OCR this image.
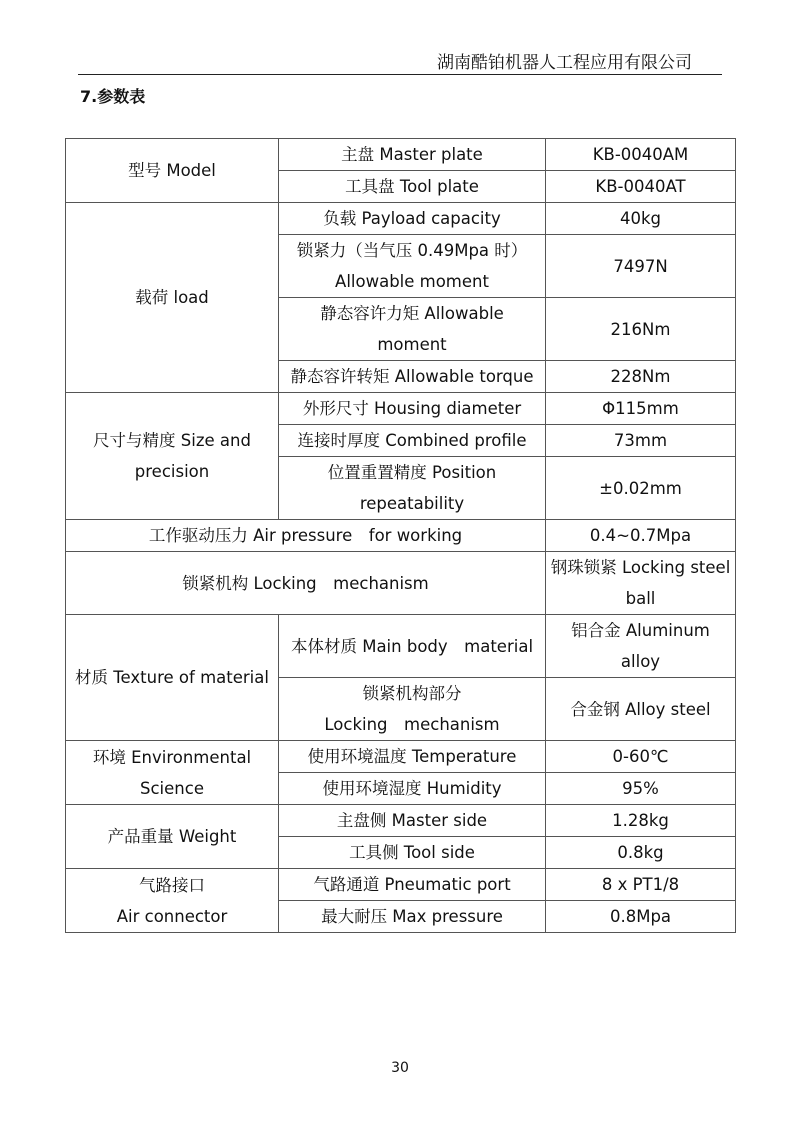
湖南酷铂机器人工程应用有限公司
7.参数表
型号 Model	主盘 Master plate	KB-0040AM
	工具盘 Tool plate	KB-0040AT
载荷 load	负载 Payload capacity	40kg

	锁紧力（当气压 0.49Mpa 时）
Allowable moment	7497N

	静态容许力矩 Allowable
moment	216Nm
	静态容许转矩 Allowable torque	228Nm

尺寸与精度 Size and
precision	外形尺寸 Housing diameter	Φ115mm
	连接时厚度 Combined profile	73mm

	位置重置精度 Position
repeatability	±0.02mm
工作驱动压力 Air pressure　for working		0.4~0.7Mpa
锁紧机构 Locking　mechanism		钢珠锁紧 Locking steel
ball

材质 Texture of material	本体材质 Main body　material	铝合金 Aluminum
alloy

	锁紧机构部分
Locking　mechanism	合金钢 Alloy steel

环境 Environmental
Science	使用环境温度 Temperature	0-60℃
	使用环境湿度 Humidity	95%
产品重量 Weight	主盘侧 Master side	1.28kg
	工具侧 Tool side	0.8kg

气路接口
Air connector	气路通道 Pneumatic port	8 x PT1/8
	最大耐压 Max pressure	0.8Mpa
30
